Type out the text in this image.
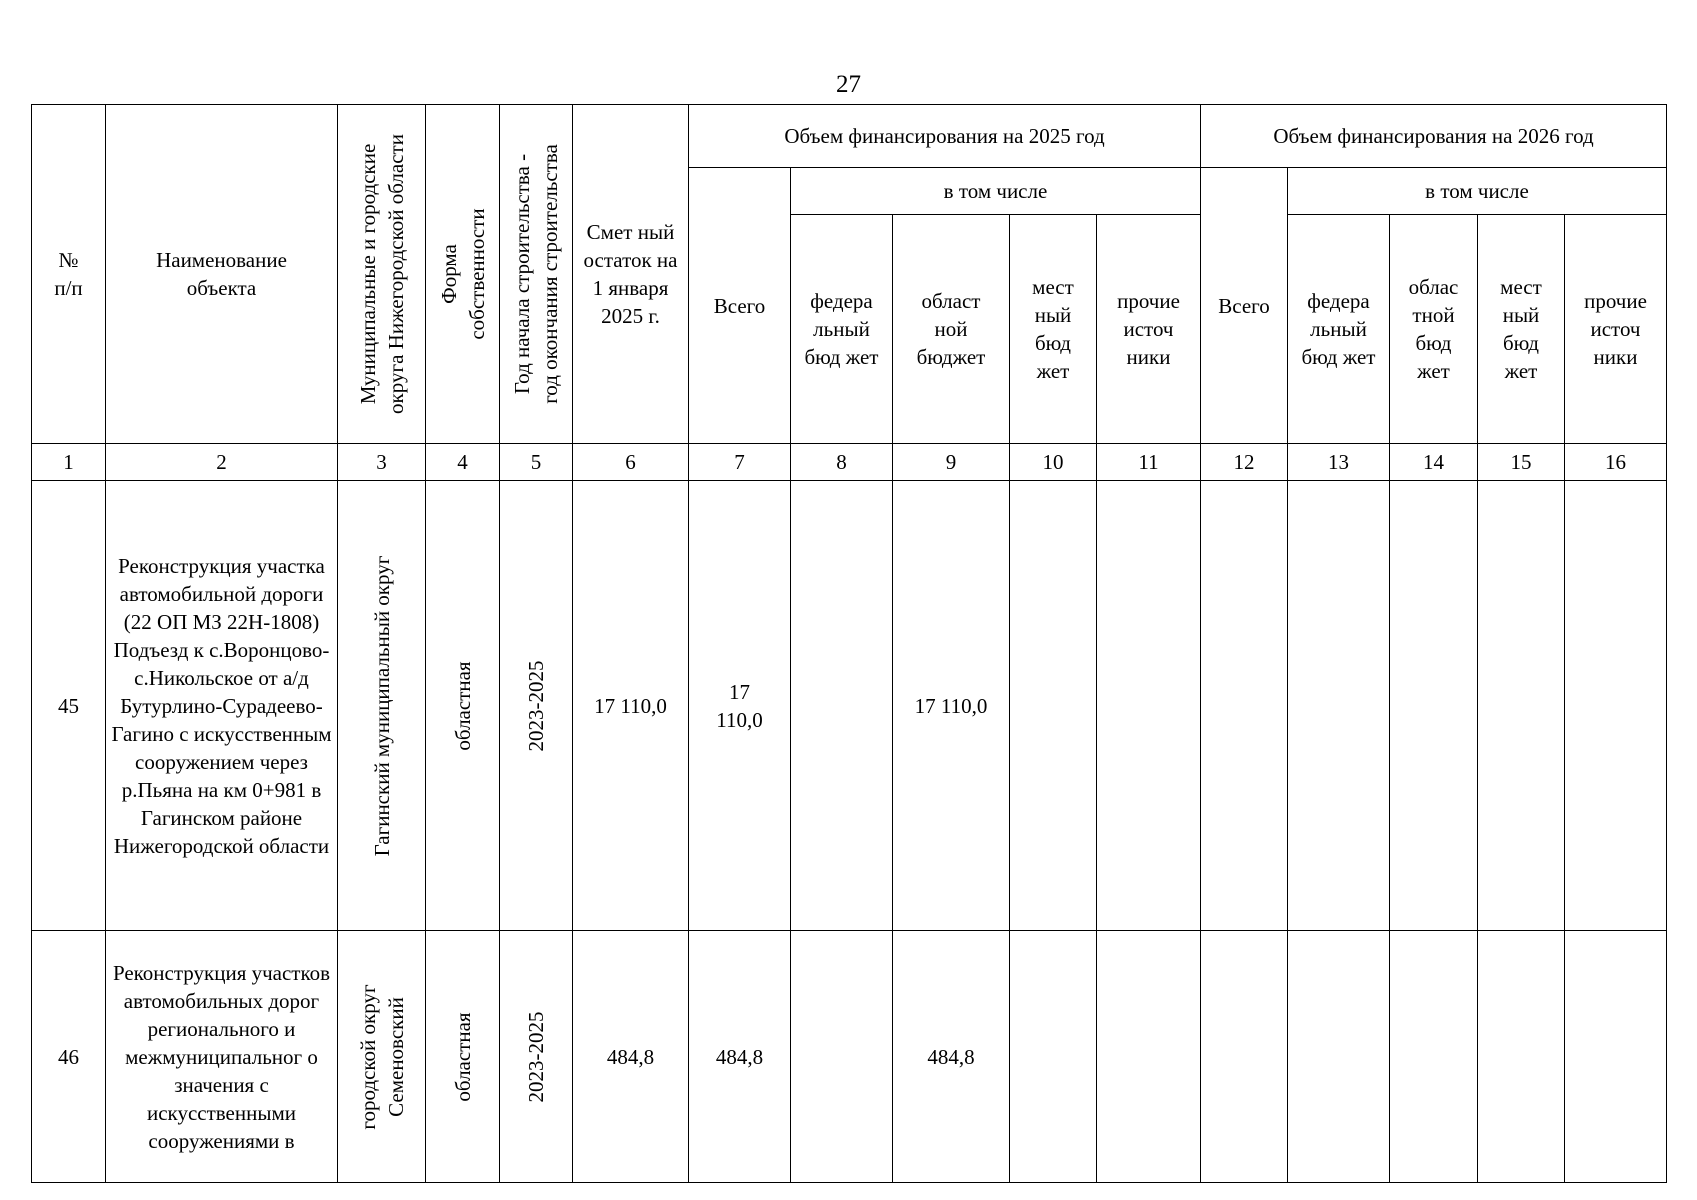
27
№ п/п	Наименование объекта	Муниципальные и городские округа Нижегородской области	Форма собственности	Год начала строительства - год окончания строительства	Смет ный остаток на 1 января 2025 г.	Объем финансирования на 2025 год					Объем финансирования на 2026 год				
						Всего	в том числе				Всего	в том числе			
							федера льный бюд жет	област ной бюджет	мест ный бюд жет	прочие источ ники		федера льный бюд жет	облас тной бюд жет	мест ный бюд жет	прочие источ ники
1	2	3	4	5	6	7	8	9	10	11	12	13	14	15	16
45	Реконструкция участка автомобильной дороги (22 ОП МЗ 22Н-1808) Подъезд к с.Воронцово-с.Никольское от а/д Бутурлино-Сурадеево-Гагино с искусственным сооружением через р.Пьяна на км 0+981 в Гагинском районе Нижегородской области	Гагинский муниципальный округ	областная	2023-2025	17 110,0	17 110,0		17 110,0							
46	Реконструкция участков автомобильных дорог регионального и межмуниципальног о значения с искусственными сооружениями в	городской округ Семеновский	областная	2023-2025	484,8	484,8		484,8							
